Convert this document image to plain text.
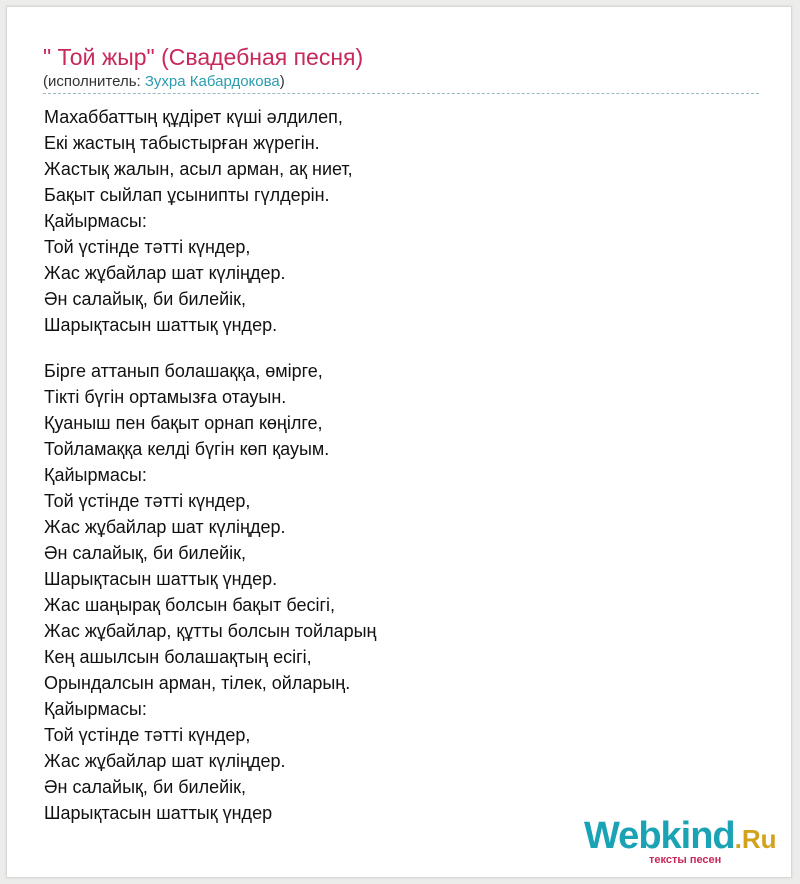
" Той жыр" (Свадебная песня)
(исполнитель: Зухра Кабардокова)
Махаббаттың құдірет күші әлдилеп,
Екі жастың табыстырған жүрегін.
Жастық жалын, асыл арман, ақ ниет,
Бақыт сыйлап ұсынипты гүлдерін.
Қайырмасы:
Той үстінде тәтті күндер,
Жас жұбайлар шат күліңдер.
Ән салайық, би билейік,
Шарықтасын шаттық үндер.
Бірге аттанып болашаққа, өмірге,
Тікті бүгін ортамызға отауын.
Қуаныш пен бақыт орнап көңілге,
Тойламаққа келді бүгін көп қауым.
Қайырмасы:
Той үстінде тәтті күндер,
Жас жұбайлар шат күліңдер.
Ән салайық, би билейік,
Шарықтасын шаттық үндер.
Жас шаңырақ болсын бақыт бесігі,
Жас жұбайлар, құтты болсын тойларың
Кең ашылсын болашақтың есігі,
Орындалсын арман, тілек, ойларың.
Қайырмасы:
Той үстінде тәтті күндер,
Жас жұбайлар шат күліңдер.
Ән салайық, би билейік,
Шарықтасын шаттық үндер
Webkind.Ru
тексты песен
